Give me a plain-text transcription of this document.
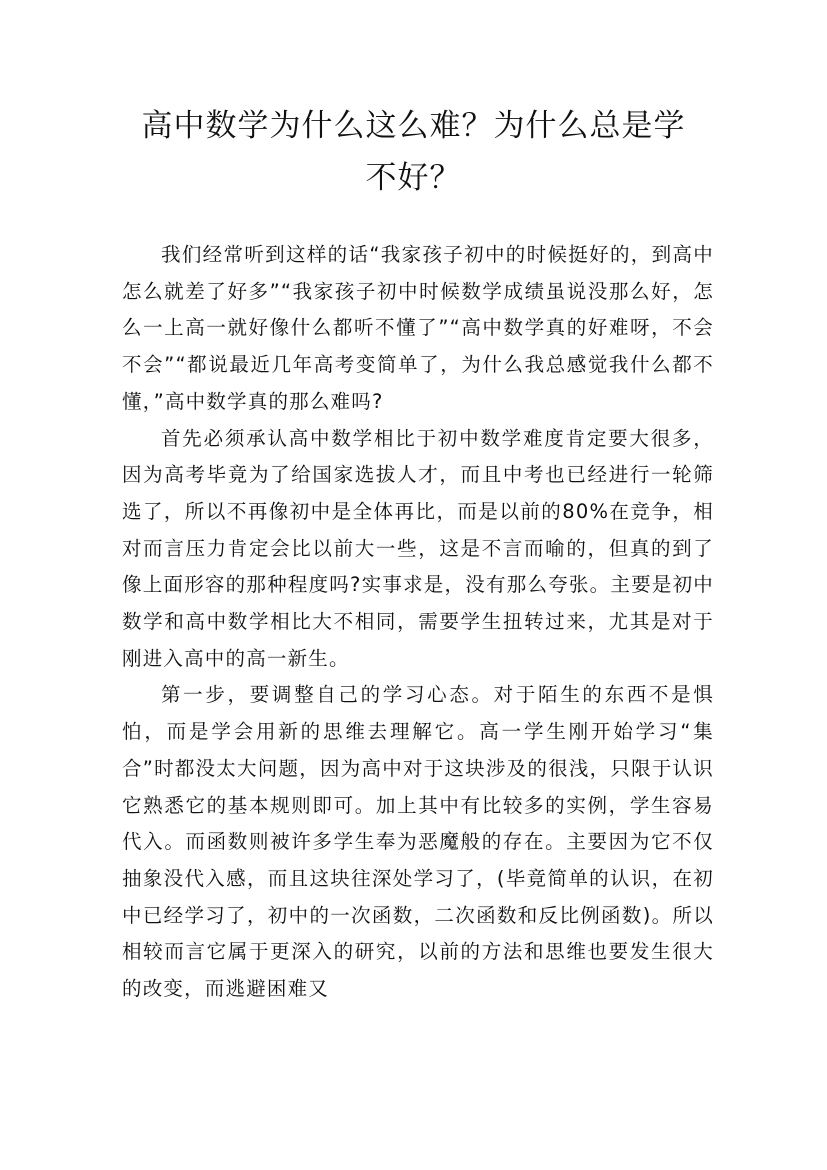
高中数学为什么这么难？为什么总是学不好？

我们经常听到这样的话“我家孩子初中的时候挺好的，到高中怎么就差了好多”“我家孩子初中时候数学成绩虽说没那么好，怎么一上高一就好像什么都听不懂了”“高中数学真的好难呀，不会不会”“都说最近几年高考变简单了，为什么我总感觉我什么都不懂，”高中数学真的那么难吗?

首先必须承认高中数学相比于初中数学难度肯定要大很多，因为高考毕竟为了给国家选拔人才，而且中考也已经进行一轮筛选了，所以不再像初中是全体再比，而是以前的80%在竞争，相对而言压力肯定会比以前大一些，这是不言而喻的，但真的到了像上面形容的那种程度吗?实事求是，没有那么夸张。主要是初中数学和高中数学相比大不相同，需要学生扭转过来，尤其是对于刚进入高中的高一新生。

第一步，要调整自己的学习心态。对于陌生的东西不是惧怕，而是学会用新的思维去理解它。高一学生刚开始学习“集合”时都没太大问题，因为高中对于这块涉及的很浅，只限于认识它熟悉它的基本规则即可。加上其中有比较多的实例，学生容易代入。而函数则被许多学生奉为恶魔般的存在。主要因为它不仅抽象没代入感，而且这块往深处学习了，(毕竟简单的认识，在初中已经学习了，初中的一次函数，二次函数和反比例函数)。所以相较而言它属于更深入的研究，以前的方法和思维也要发生很大的改变，而逃避困难又
